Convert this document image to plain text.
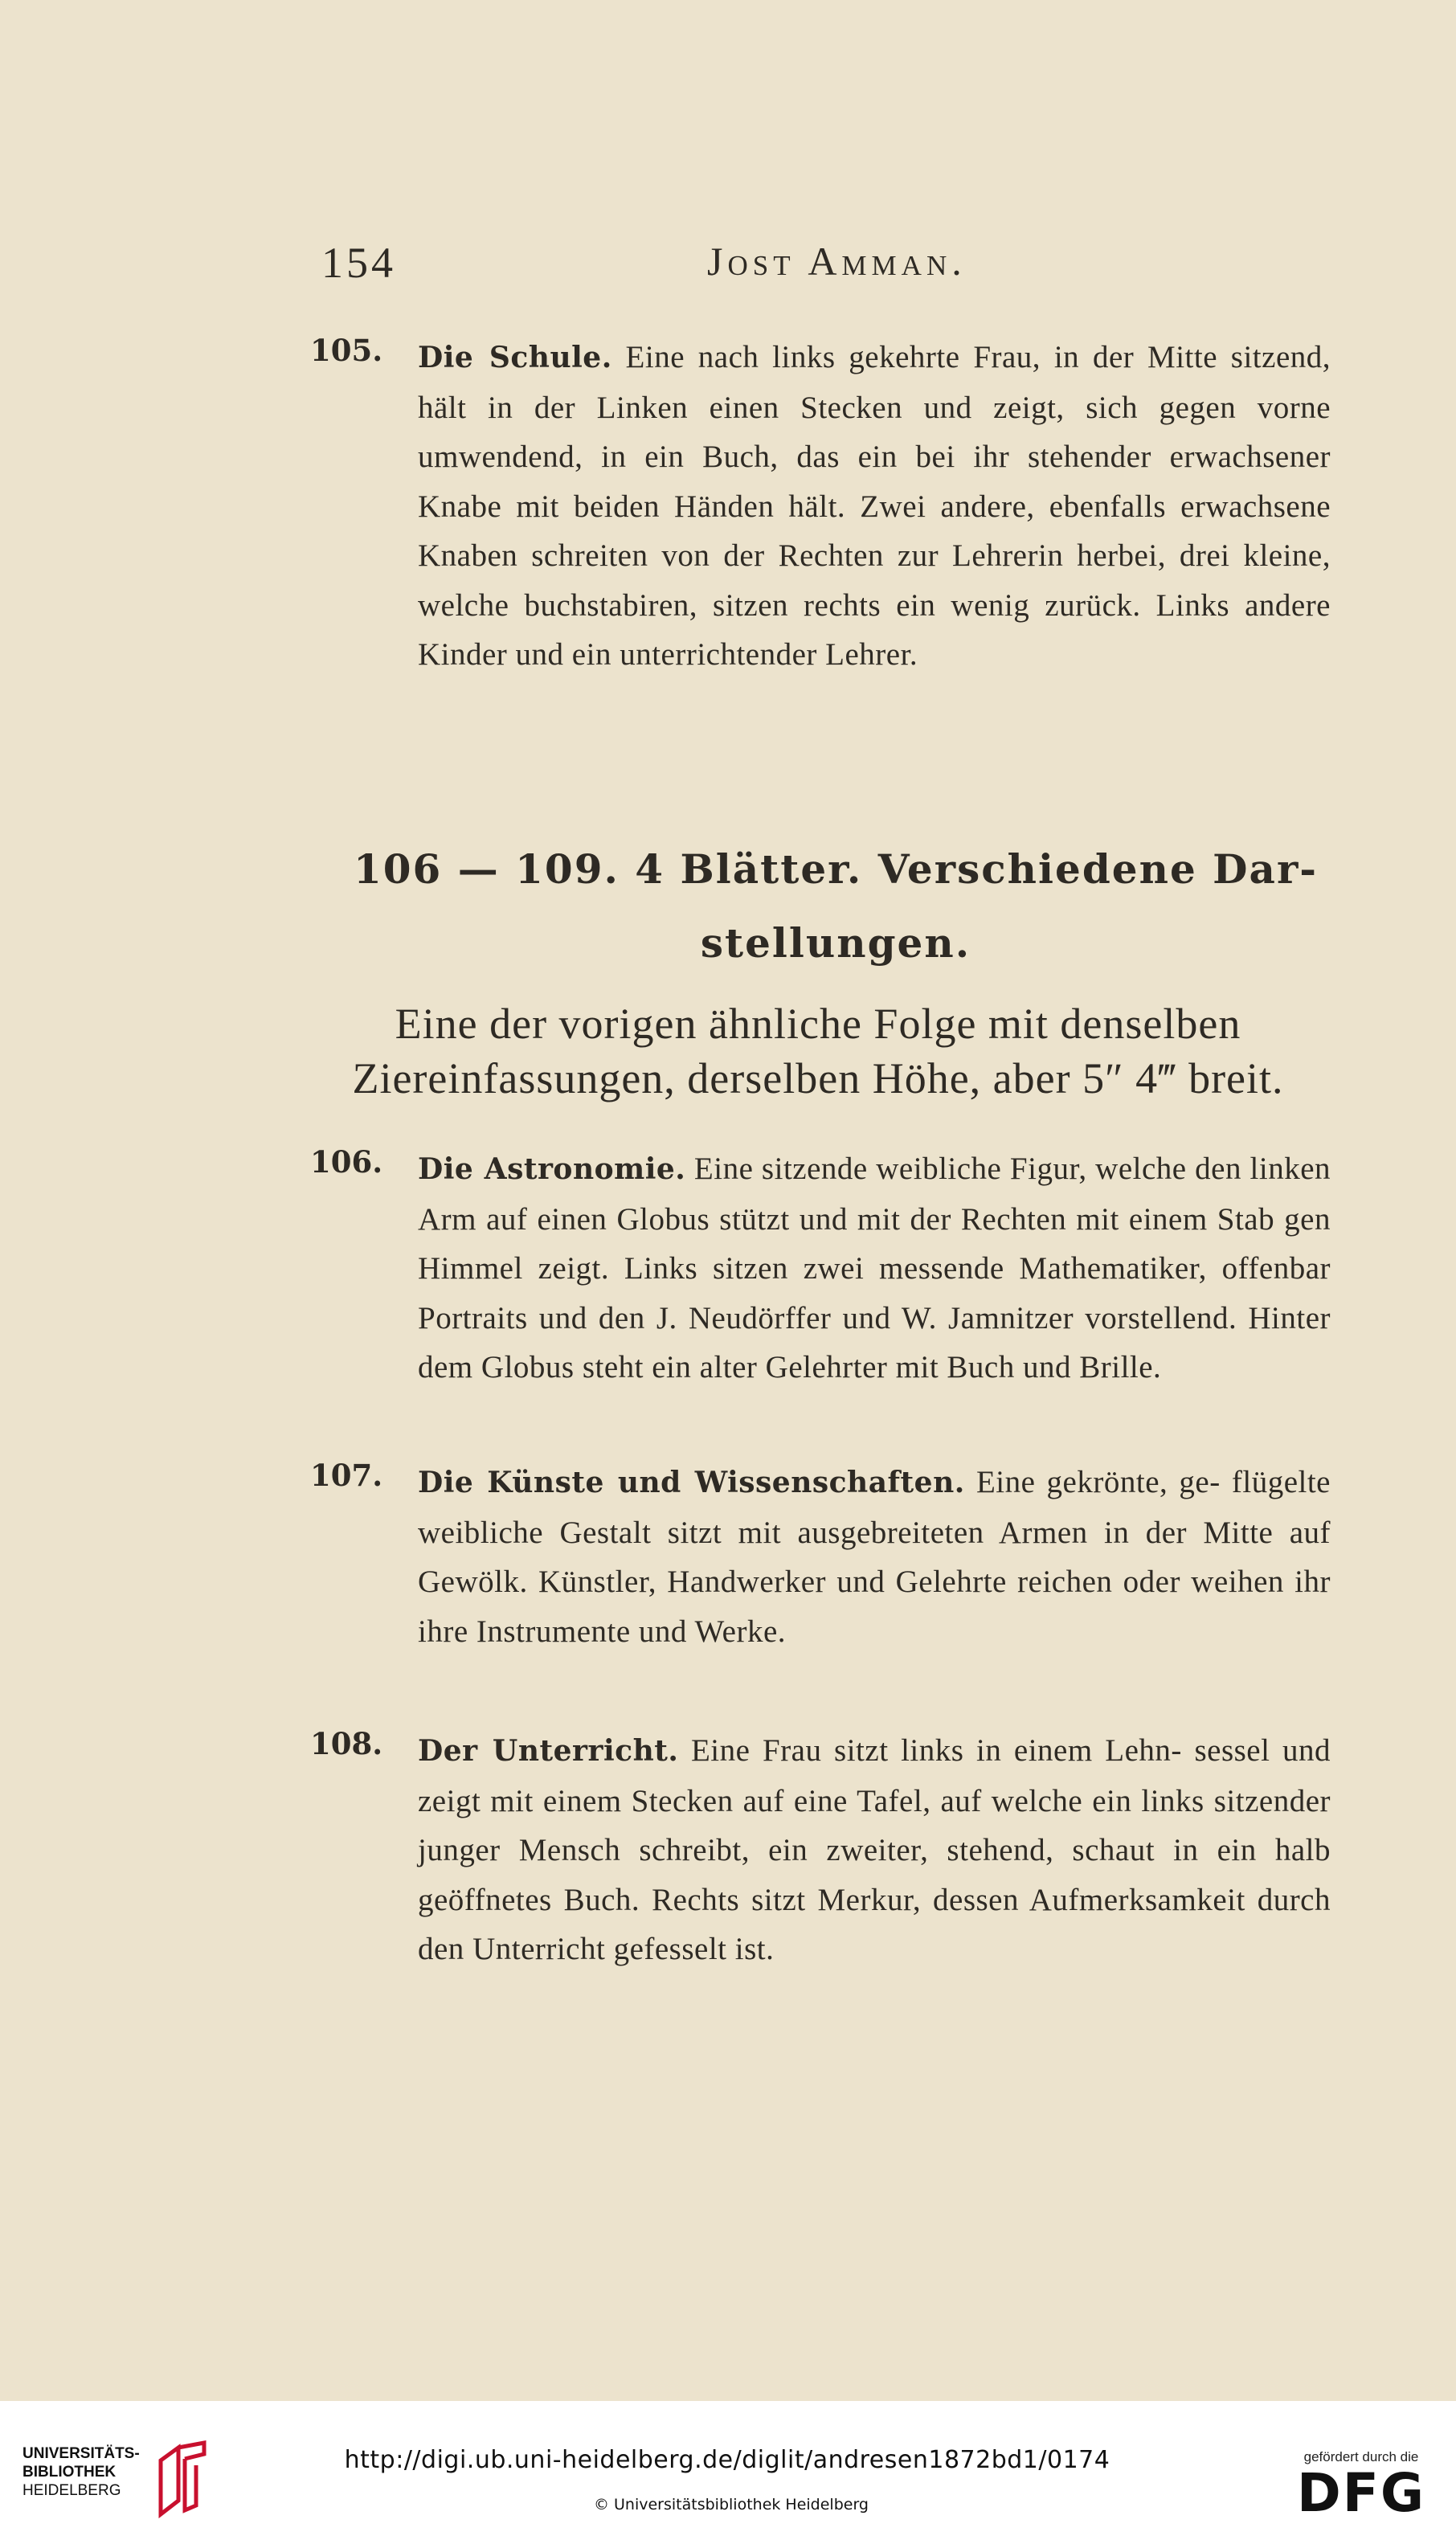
154	Jost Amman.
105. Die Schule. Eine nach links gekehrte Frau, in der Mitte sitzend, hält in der Linken einen Stecken und zeigt, sich gegen vorne umwendend, in ein Buch, das ein bei ihr stehender erwachsener Knabe mit beiden Händen hält. Zwei andere, ebenfalls erwachsene Knaben schreiten von der Rechten zur Lehrerin herbei, drei kleine, welche buchstabiren, sitzen rechts ein wenig zurück. Links andere Kinder und ein unterrichtender Lehrer.
106 — 109. 4 Blätter. Verschiedene Dar-
stellungen.
Eine der vorigen ähnliche Folge mit denselben
Ziereinfassungen, derselben Höhe, aber 5″ 4‴ breit.
106. Die Astronomie. Eine sitzende weibliche Figur, welche den linken Arm auf einen Globus stützt und mit der Rechten mit einem Stab gen Himmel zeigt. Links sitzen zwei messende Mathematiker, offenbar Portraits und den J. Neudörffer und W. Jamnitzer vorstellend. Hinter dem Globus steht ein alter Gelehrter mit Buch und Brille.
107. Die Künste und Wissenschaften. Eine gekrönte, ge- flügelte weibliche Gestalt sitzt mit ausgebreiteten Armen in der Mitte auf Gewölk. Künstler, Handwerker und Gelehrte reichen oder weihen ihr ihre Instrumente und Werke.
108. Der Unterricht. Eine Frau sitzt links in einem Lehn- sessel und zeigt mit einem Stecken auf eine Tafel, auf welche ein links sitzender junger Mensch schreibt, ein zweiter, stehend, schaut in ein halb geöffnetes Buch. Rechts sitzt Merkur, dessen Aufmerksamkeit durch den Unterricht gefesselt ist.
UNIVERSITÄTS-
BIBLIOTHEK
HEIDELBERG
http://digi.ub.uni-heidelberg.de/diglit/andresen1872bd1/0174
© Universitätsbibliothek Heidelberg
gefördert durch die
DFG
